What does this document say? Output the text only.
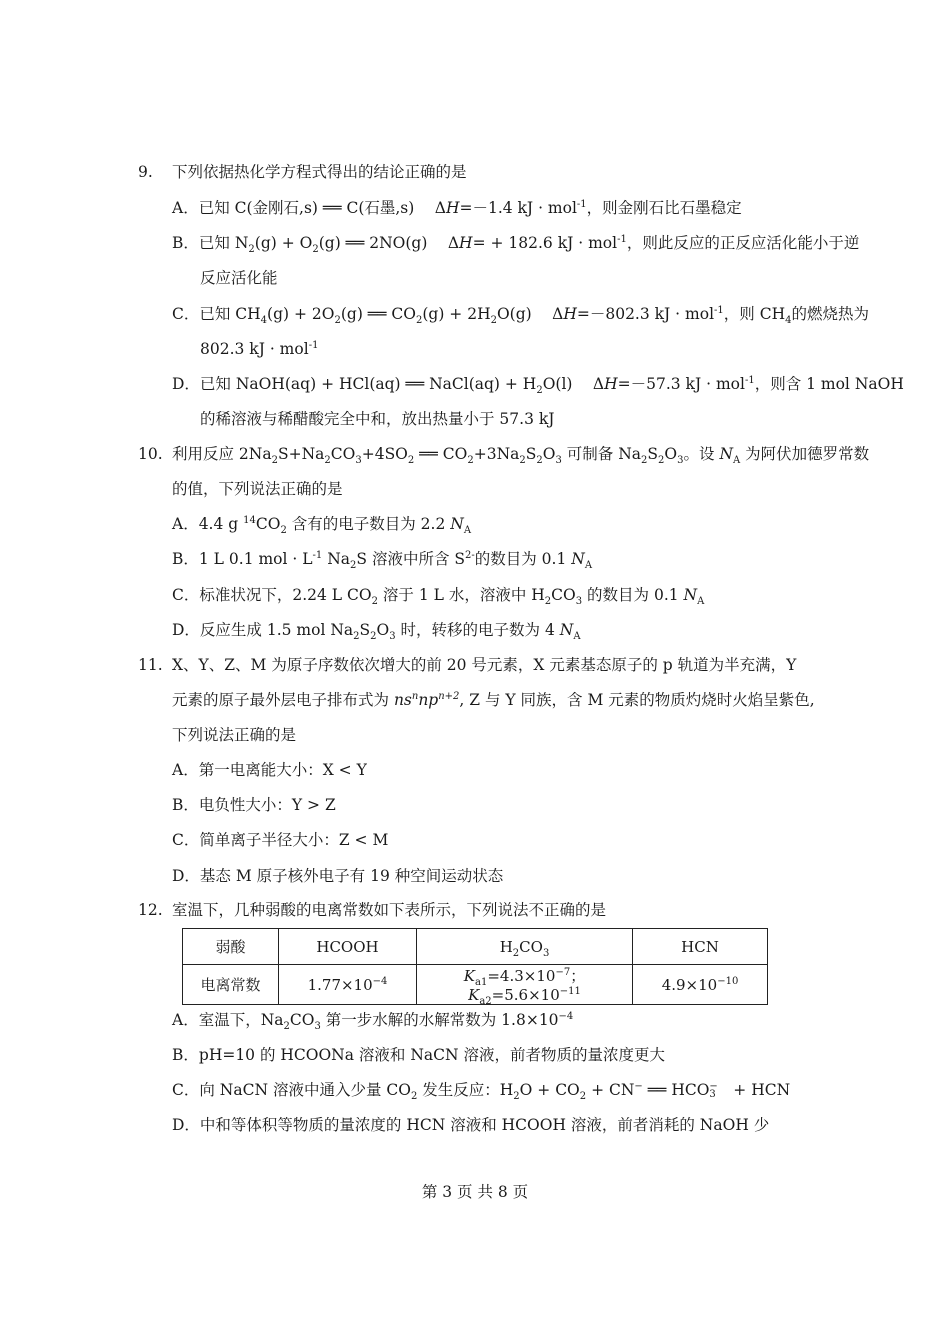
9. 下列依据热化学方程式得出的结论正确的是
A．已知 C(金刚石,s) ══ C(石墨,s)　 ΔH=－1.4 kJ · mol$^{-1}$，则金刚石比石墨稳定
B．已知 $N_2(g) + O_2(g)$ ══ 2NO(g)　 ΔH= + 182.6 kJ · mol$^{-1}$，则此反应的正反应活化能小于逆
反应活化能
C．已知 $CH_4(g) + 2O_2(g)$ ══ $CO_2(g) + 2H_2O(g)$　 ΔH=－802.3 kJ · mol$^{-1}$，则 $CH_4$的燃烧热为
802.3 kJ · mol$^{-1}$
D．已知 NaOH(aq) + HCl(aq) ══ NaCl(aq) + $H_2O(l)$　 ΔH=－57.3 kJ · mol$^{-1}$，则含 1 mol NaOH
的稀溶液与稀醋酸完全中和，放出热量小于 57.3 kJ
10. 利用反应 $2Na_2S+Na_2CO_3+4SO_2$ ══ $CO_2+3Na_2S_2O_3$ 可制备 $Na_2S_2O_3$。设 $N_A$ 为阿伏加德罗常数
的值，下列说法正确的是
A．4.4 g $^{14}CO_2$ 含有的电子数目为 2.2 $N_A$
B．1 L 0.1 mol · $L^{-1}$ $Na_2S$ 溶液中所含 $S^{2-}$的数目为 0.1 $N_A$
C．标准状况下，2.24 L $CO_2$ 溶于 1 L 水，溶液中 $H_2CO_3$ 的数目为 0.1 $N_A$
D．反应生成 1.5 mol $Na_2S_2O_3$ 时，转移的电子数为 4 $N_A$
11. X、Y、Z、M 为原子序数依次增大的前 20 号元素，X 元素基态原子的 p 轨道为半充满，Y
元素的原子最外层电子排布式为 $ns^nnp^{n+2}$, Z 与 Y 同族，含 M 元素的物质灼烧时火焰呈紫色,
下列说法正确的是
A．第一电离能大小：X < Y
B．电负性大小：Y > Z
C．简单离子半径大小：Z < M
D．基态 M 原子核外电子有 19 种空间运动状态
12. 室温下，几种弱酸的电离常数如下表所示，下列说法不正确的是
弱酸	HCOOH	$H_2CO_3$	HCN
电离常数	$1.77\times 10^{-4}$	$K_{a1}=4.3\times 10^{-7}$；$K_{a2}=5.6\times 10^{-11}$	$4.9\times 10^{-10}$
A．室温下，$Na_2CO_3$ 第一步水解的水解常数为 $1.8\times 10^{-4}$
B．pH=10 的 HCOONa 溶液和 NaCN 溶液，前者物质的量浓度更大
C．向 NaCN 溶液中通入少量 $CO_2$ 发生反应：$H_2O + CO_2 + CN^-$ ══ HCO −
3 　+ HCN
D．中和等体积等物质的量浓度的 HCN 溶液和 HCOOH 溶液，前者消耗的 NaOH 少
第 3 页 共 8 页
